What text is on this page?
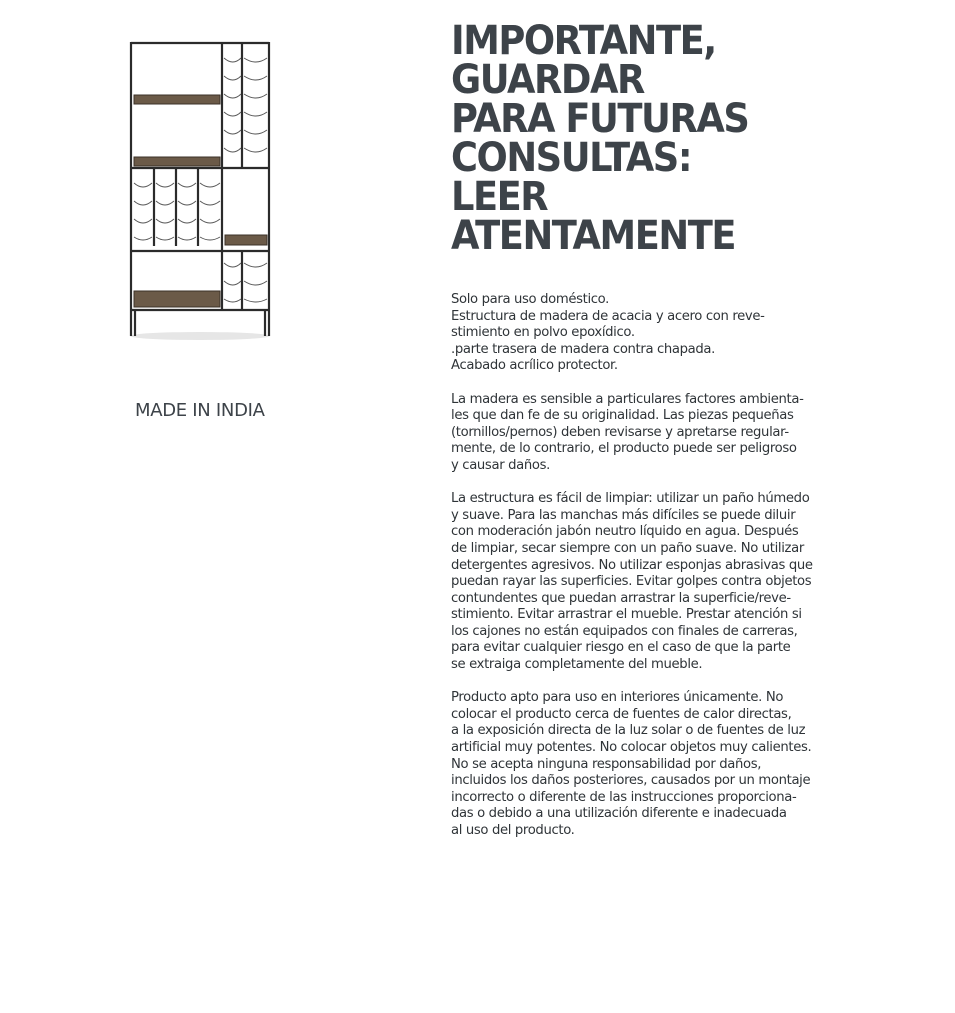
MADE IN INDIA
IMPORTANTE,
GUARDAR
PARA FUTURAS
CONSULTAS:
LEER
ATENTAMENTE

Solo para uso doméstico.
Estructura de madera de acacia y acero con reve-
stimiento en polvo epoxídico.
.parte trasera de madera contra chapada.
Acabado acrílico protector.

La madera es sensible a particulares factores ambienta-
les que dan fe de su originalidad. Las piezas pequeñas
(tornillos/pernos) deben revisarse y apretarse regular-
mente, de lo contrario, el producto puede ser peligroso
y causar daños.

La estructura es fácil de limpiar: utilizar un paño húmedo
y suave. Para las manchas más difíciles se puede diluir
con moderación jabón neutro líquido en agua. Después
de limpiar, secar siempre con un paño suave. No utilizar
detergentes agresivos. No utilizar esponjas abrasivas que
puedan rayar las superficies. Evitar golpes contra objetos
contundentes que puedan arrastrar la superficie/reve-
stimiento. Evitar arrastrar el mueble. Prestar atención si
los cajones no están equipados con finales de carreras,
para evitar cualquier riesgo en el caso de que la parte
se extraiga completamente del mueble.

Producto apto para uso en interiores únicamente. No
colocar el producto cerca de fuentes de calor directas,
a la exposición directa de la luz solar o de fuentes de luz
artificial muy potentes. No colocar objetos muy calientes.
No se acepta ninguna responsabilidad por daños,
incluidos los daños posteriores, causados por un montaje
incorrecto o diferente de las instrucciones proporciona-
das o debido a una utilización diferente e inadecuada
al uso del producto.
